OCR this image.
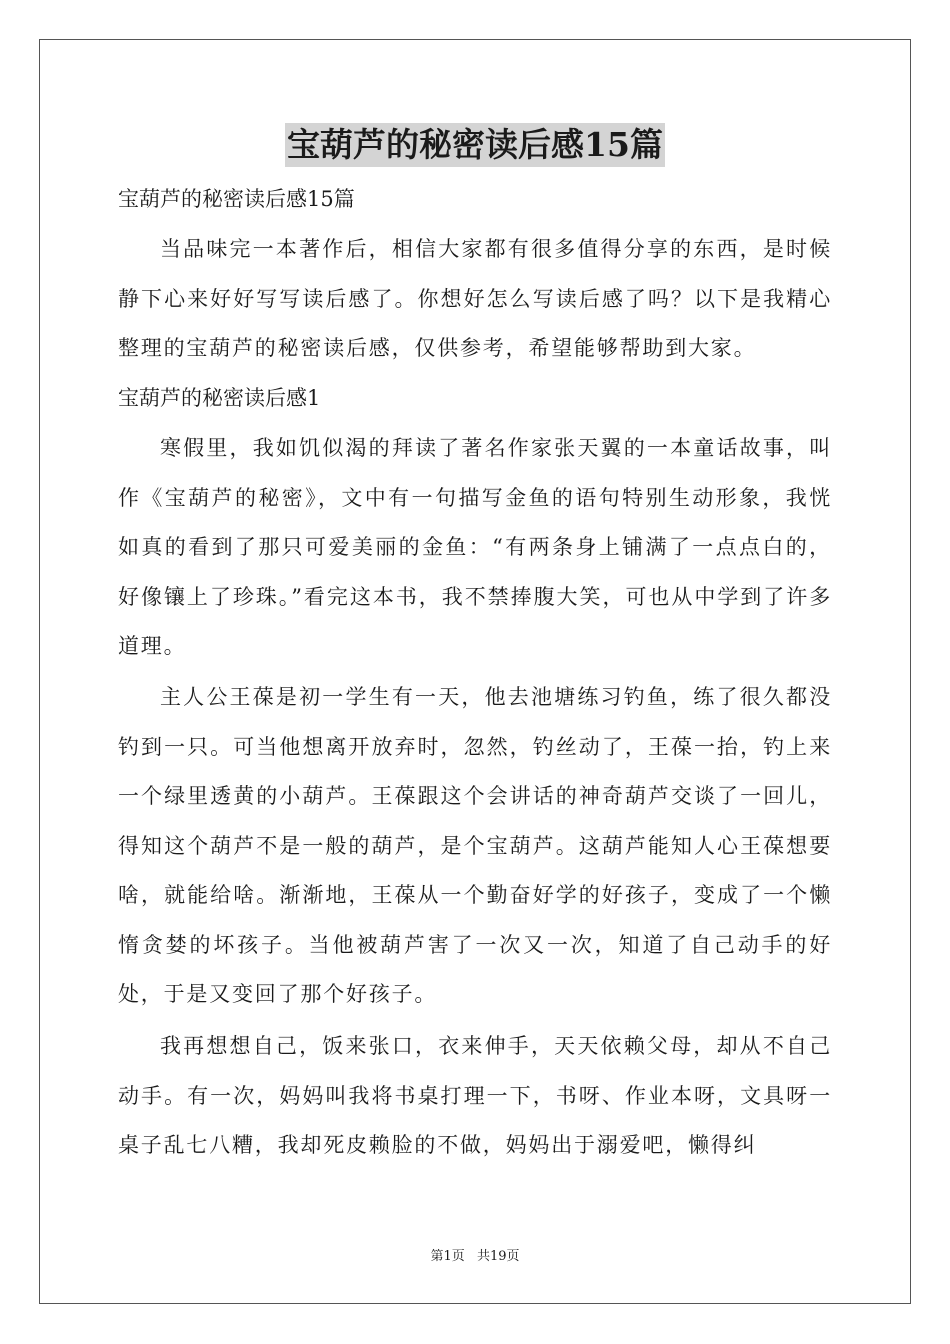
宝葫芦的秘密读后感15篇
宝葫芦的秘密读后感15篇

当品味完一本著作后，相信大家都有很多值得分享的东西，是时候静下心来好好写写读后感了。你想好怎么写读后感了吗？以下是我精心整理的宝葫芦的秘密读后感，仅供参考，希望能够帮助到大家。

宝葫芦的秘密读后感1

寒假里，我如饥似渴的拜读了著名作家张天翼的一本童话故事，叫作《宝葫芦的秘密》，文中有一句描写金鱼的语句特别生动形象，我恍如真的看到了那只可爱美丽的金鱼：“有两条身上铺满了一点点白的，好像镶上了珍珠。”看完这本书，我不禁捧腹大笑，可也从中学到了许多道理。

主人公王葆是初一学生有一天，他去池塘练习钓鱼，练了很久都没钓到一只。可当他想离开放弃时，忽然，钓丝动了，王葆一抬，钓上来一个绿里透黄的小葫芦。王葆跟这个会讲话的神奇葫芦交谈了一回儿，得知这个葫芦不是一般的葫芦，是个宝葫芦。这葫芦能知人心王葆想要啥，就能给啥。渐渐地，王葆从一个勤奋好学的好孩子，变成了一个懒惰贪婪的坏孩子。当他被葫芦害了一次又一次，知道了自己动手的好处，于是又变回了那个好孩子。

我再想想自己，饭来张口，衣来伸手，天天依赖父母，却从不自己动手。有一次，妈妈叫我将书桌打理一下，书呀、作业本呀，文具呀一桌子乱七八糟，我却死皮赖脸的不做，妈妈出于溺爱吧，懒得纠

第1页 共19页
